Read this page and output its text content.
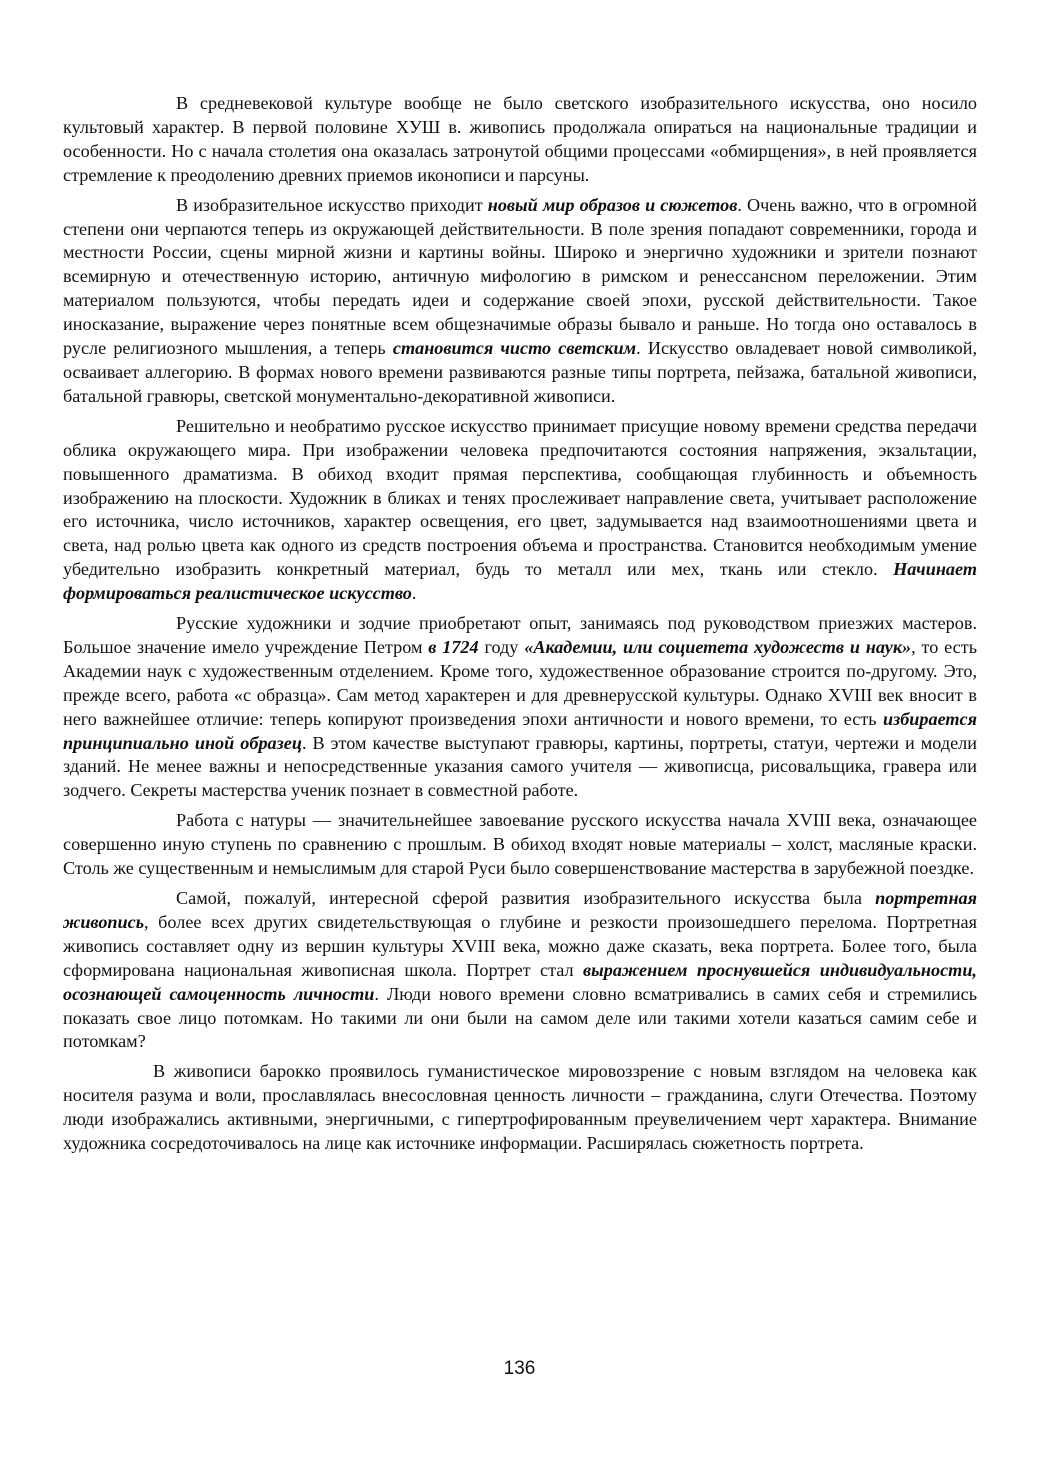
В средневековой культуре вообще не было светского изобразительного искусства, оно носило культовый характер. В первой половине ХУШ в. живопись продолжала опираться на национальные традиции и особенности. Но с начала столетия она оказалась затронутой общими процессами «обмирщения», в ней проявляется стремление к преодолению древних приемов иконописи и парсуны.

В изобразительное искусство приходит новый мир образов и сюжетов. Очень важно, что в огромной степени они черпаются теперь из окружающей действительности. В поле зрения попадают современники, города и местности России, сцены мирной жизни и картины войны. Широко и энергично художники и зрители познают всемирную и отечественную историю, античную мифологию в римском и ренессансном переложении. Этим материалом пользуются, чтобы передать идеи и содержание своей эпохи, русской действительности. Такое иносказание, выражение через понятные всем общезначимые образы бывало и раньше. Но тогда оно оставалось в русле религиозного мышления, а теперь становится чисто светским. Искусство овладевает новой символикой, осваивает аллегорию. В формах нового времени развиваются разные типы портрета, пейзажа, батальной живописи, батальной гравюры, светской монументально-декоративной живописи.

Решительно и необратимо русское искусство принимает присущие новому времени средства передачи облика окружающего мира. При изображении человека предпочитаются состояния напряжения, экзальтации, повышенного драматизма. В обиход входит прямая перспектива, сообщающая глубинность и объемность изображению на плоскости. Художник в бликах и тенях прослеживает направление света, учитывает расположение его источника, число источников, характер освещения, его цвет, задумывается над взаимоотношениями цвета и света, над ролью цвета как одного из средств построения объема и пространства. Становится необходимым умение убедительно изобразить конкретный материал, будь то металл или мех, ткань или стекло. Начинает формироваться реалистическое искусство.

Русские художники и зодчие приобретают опыт, занимаясь под руководством приезжих мастеров. Большое значение имело учреждение Петром в 1724 году «Академии, или социетета художеств и наук», то есть Академии наук с художественным отделением. Кроме того, художественное образование строится по-другому. Это, прежде всего, работа «с образца». Сам метод характерен и для древнерусской культуры. Однако XVIII век вносит в него важнейшее отличие: теперь копируют произведения эпохи античности и нового времени, то есть избирается принципиально иной образец. В этом качестве выступают гравюры, картины, портреты, статуи, чертежи и модели зданий. Не менее важны и непосредственные указания самого учителя — живописца, рисовальщика, гравера или зодчего. Секреты мастерства ученик познает в совместной работе.

Работа с натуры — значительнейшее завоевание русского искусства начала XVIII века, означающее совершенно иную ступень по сравнению с прошлым. В обиход входят новые материалы – холст, масляные краски. Столь же существенным и немыслимым для старой Руси было совершенствование мастерства в зарубежной поездке.

Самой, пожалуй, интересной сферой развития изобразительного искусства была портретная живопись, более всех других свидетельствующая о глубине и резкости произошедшего перелома. Портретная живопись составляет одну из вершин культуры XVIII века, можно даже сказать, века портрета. Более того, была сформирована национальная живописная школа. Портрет стал выражением проснувшейся индивидуальности, осознающей самоценность личности. Люди нового времени словно всматривались в самих себя и стремились показать свое лицо потомкам. Но такими ли они были на самом деле или такими хотели казаться самим себе и потомкам?

В живописи барокко проявилось гуманистическое мировоззрение с новым взглядом на человека как носителя разума и воли, прославлялась внесословная ценность личности – гражданина, слуги Отечества. Поэтому люди изображались активными, энергичными, с гипертрофированным преувеличением черт характера. Внимание художника сосредоточивалось на лице как источнике информации. Расширялась сюжетность портрета.

136
